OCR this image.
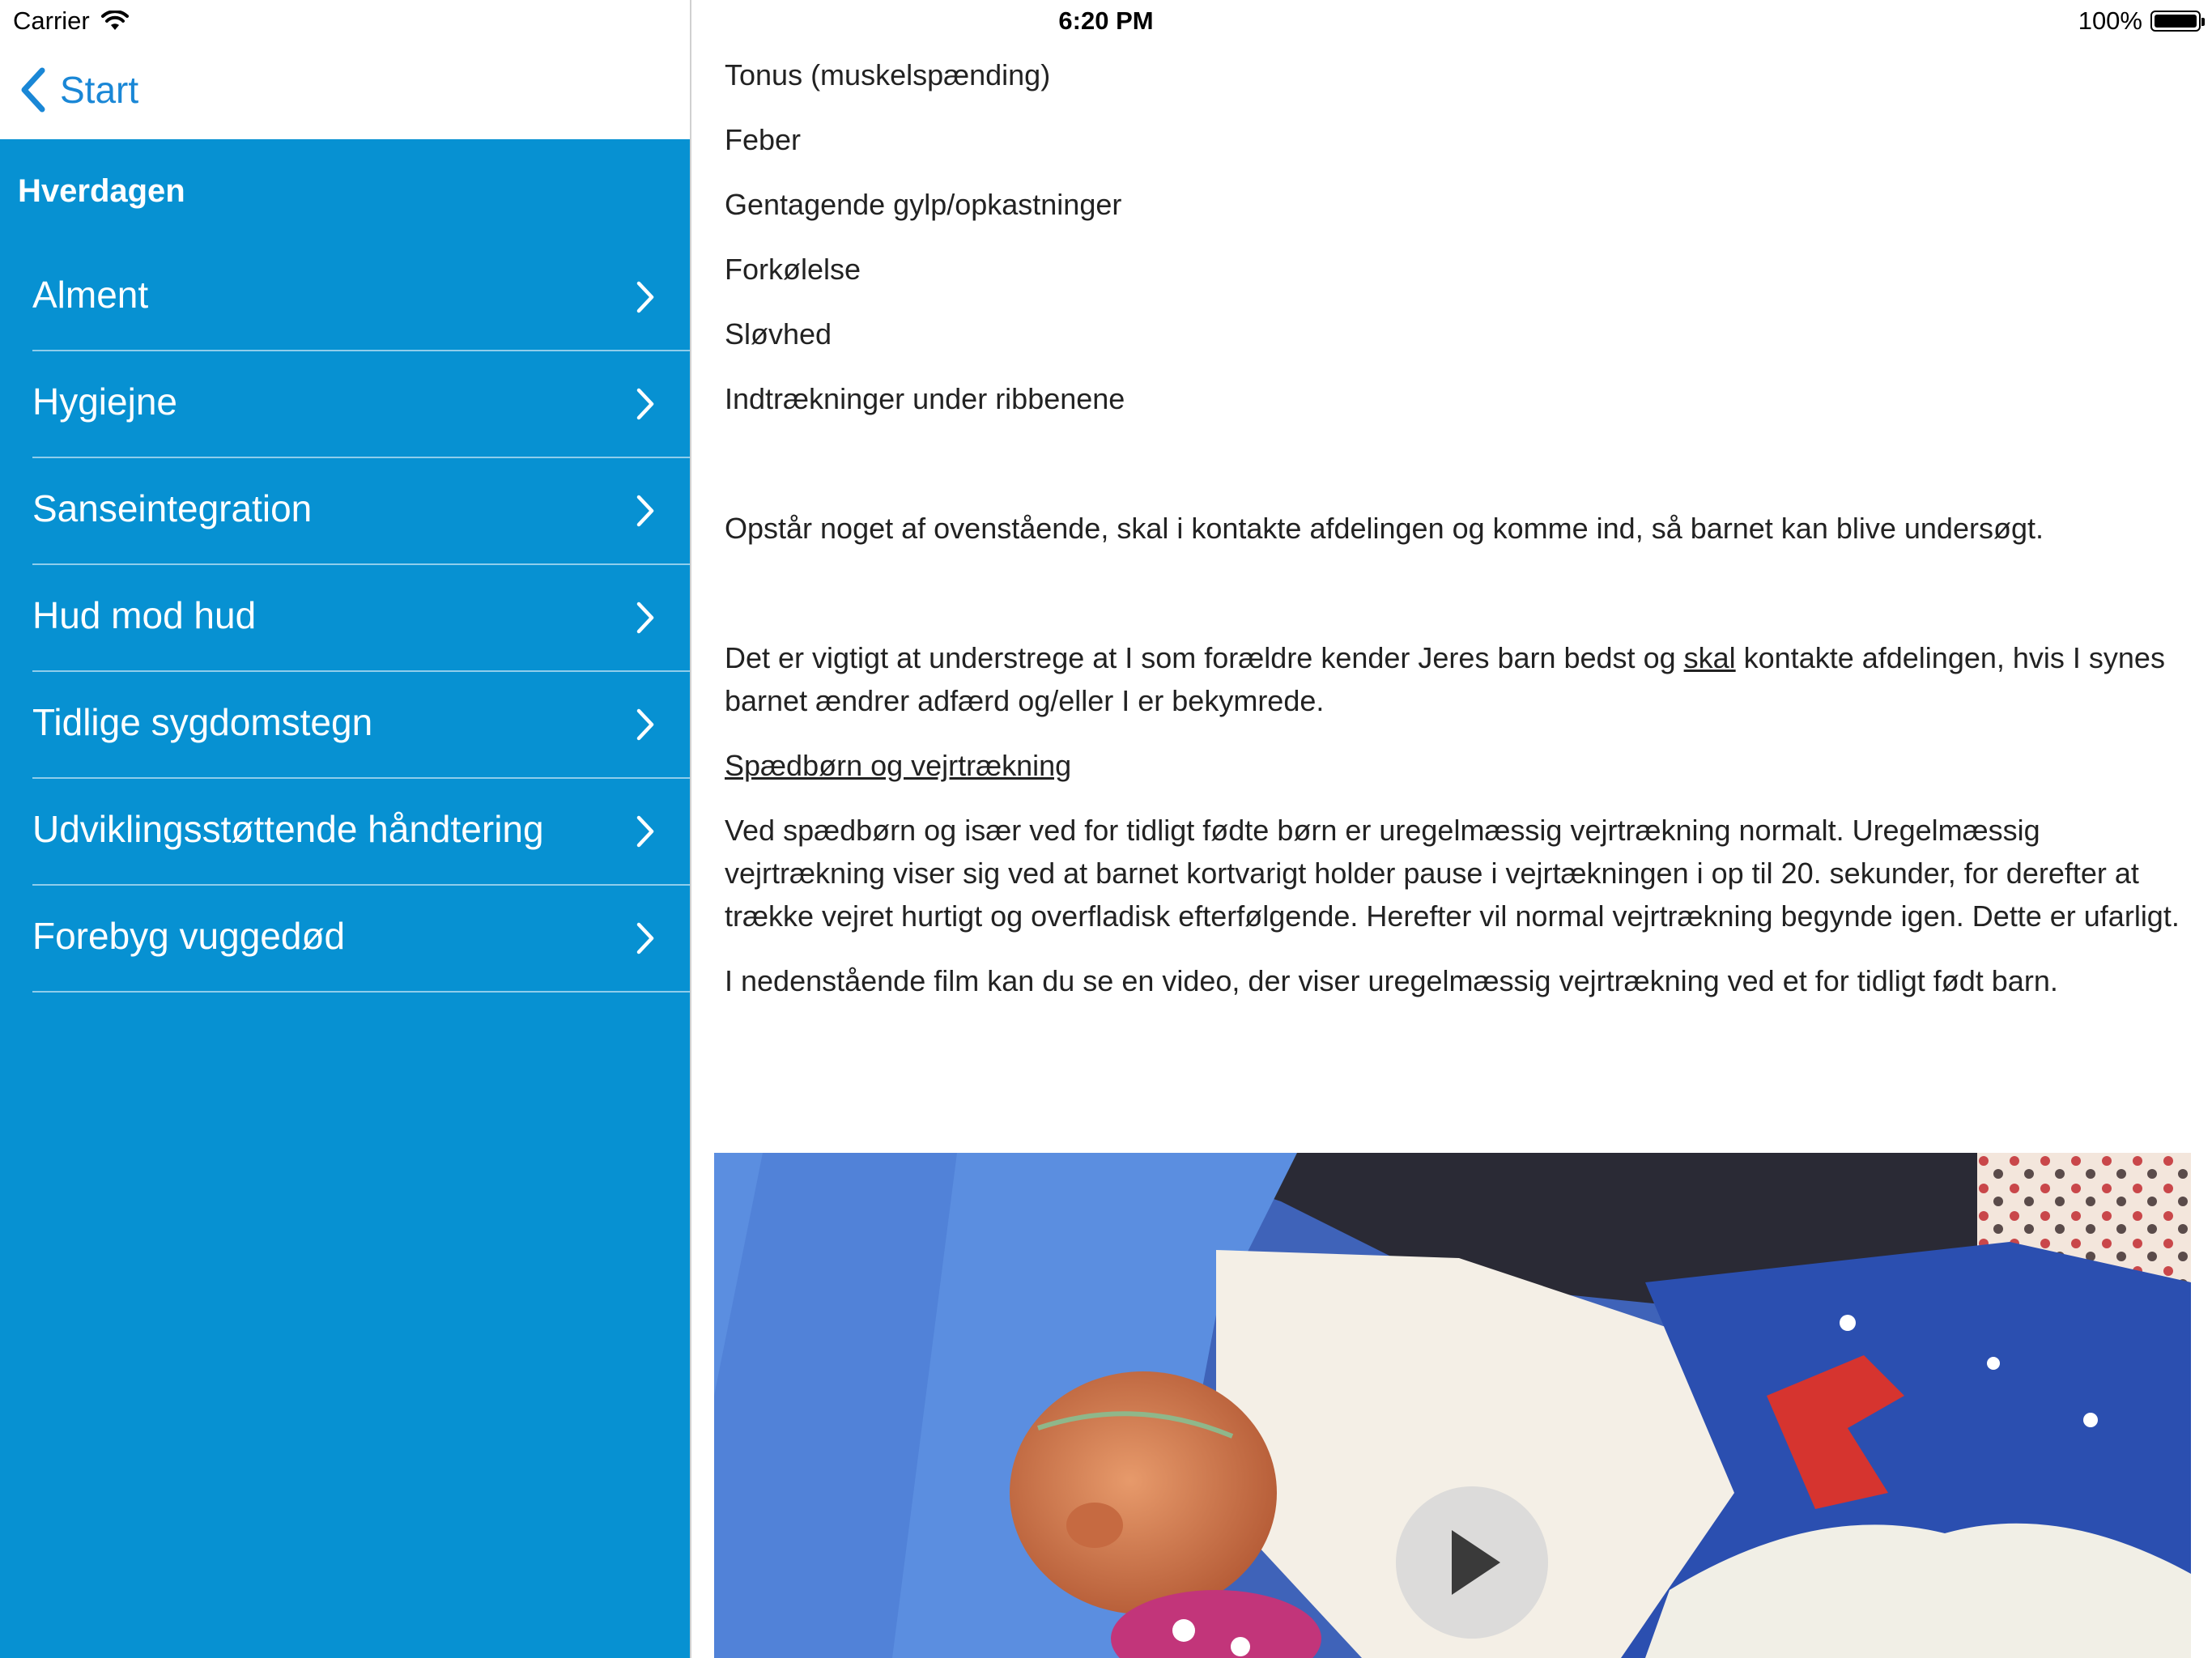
Carrier	6:20 PM	100%
Start
Hverdagen
Alment
Hygiejne
Sanseintegration
Hud mod hud
Tidlige sygdomstegn
Udviklingsstøttende håndtering
Forebyg vuggedød

Tonus (muskelspænding)

Feber

Gentagende gylp/opkastninger

Forkølelse

Sløvhed

Indtrækninger under ribbenene

Opstår noget af ovenstående, skal i kontakte afdelingen og komme ind, så barnet kan blive undersøgt.

Det er vigtigt at understrege at I som forældre kender Jeres barn bedst og skal kontakte afdelingen, hvis I synes barnet ændrer adfærd og/eller I er bekymrede.

Spædbørn og vejrtrækning

Ved spædbørn og især ved for tidligt fødte børn er uregelmæssig vejrtrækning normalt. Uregelmæssig vejrtrækning viser sig ved at barnet kortvarigt holder pause i vejrtækningen i op til 20. sekunder, for derefter at trække vejret hurtigt og overfladisk efterfølgende. Herefter vil normal vejrtrækning begynde igen. Dette er ufarligt.

I nedenstående film kan du se en video, der viser uregelmæssig vejrtrækning ved et for tidligt født barn.
